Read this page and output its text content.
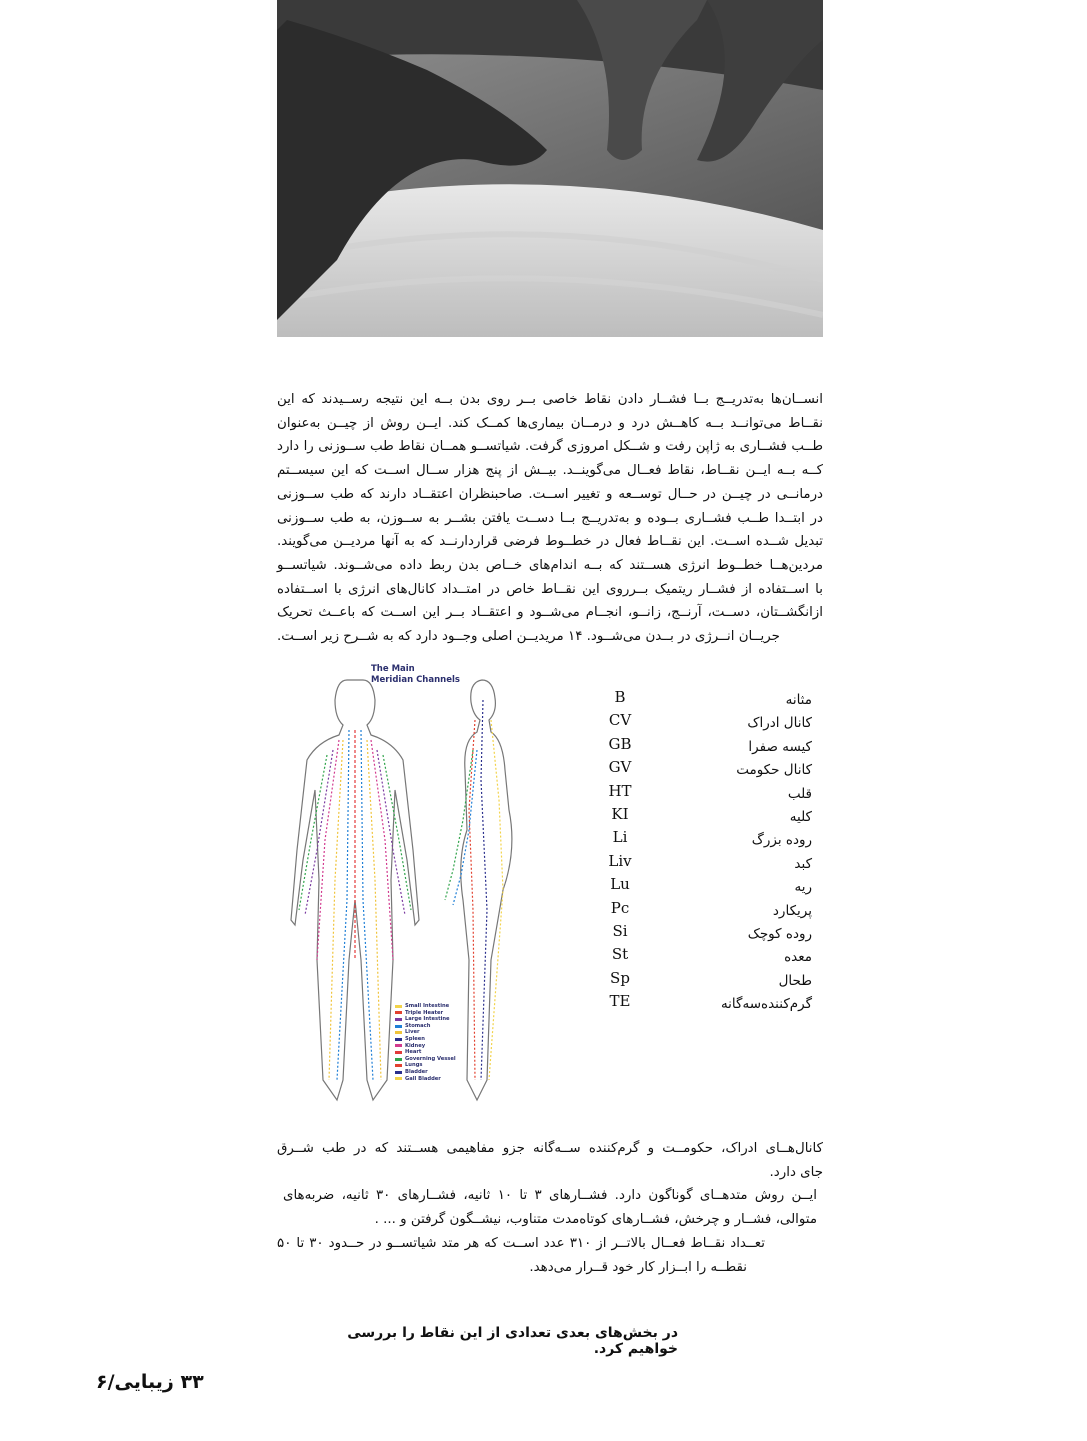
انســان‌ها به‌تدریــج بــا فشــار دادن نقاط خاصی بــر روی بدن بــه این نتیجه رســیدند که این
نقــاط می‌توانــد بــه کاهــش درد و درمــان بیماری‌ها کمــک کند. ایــن روش از چیــن به‌عنوان
طــب فشــاری به ژاپن رفت و شــکل امروزی گرفت. شیاتســو همــان نقاط طب ســوزنی را دارد
کــه بــه ایــن نقــاط، نقاط فعــال می‌گوینــد. بیــش از پنج هزار ســال اســت که این سیســتم
درمانــی در چیــن در حــال توســعه و تغییر اســت. صاحبنظران اعتقــاد دارند که طب ســوزنی
در ابتــدا طــب فشــاری بــوده و به‌تدریــج بــا دســت یافتن بشــر به ســوزن، به طب ســوزنی
تبدیل شــده اســت. این نقــاط فعال در خطــوط فرضی قراردارنــد که به آنها مردیــن می‌گویند.
مردین‌هــا خطــوط انرژی هســتند که بــه اندام‌های خــاص بدن ربط داده می‌شــوند. شیاتســو
با اســتفاده از فشــار ریتمیک بــرروی این نقــاط خاص در امتــداد کانال‌های انرژی با اســتفاده
ازانگشــتان، دســت، آرنــج، زانــو، انجــام می‌شــود و اعتقــاد بــر این اســت که باعــث تحریک
جریــان انــرژی در بــدن می‌شــود. ۱۴ مریدیــن اصلی وجــود دارد که به شــرح زیر اســت.
The Main
Meridian Channels
Small Intestine
Triple Heater
Large Intestine
Stomach
Liver
Spleen
Kidney
Heart
Governing Vessel
Lungs
Bladder
Gall Bladder
B	مثانه
CV	کانال ادراک
GB	کیسه صفرا
GV	کانال حکومت
HT	قلب
KI	کلیه
Li	روده بزرگ
Liv	کبد
Lu	ریه
Pc	پریکارد
Si	روده کوچک
St	معده
Sp	طحال
TE	گرم‌کننده‌سه‌گانه
کانال‌هــای ادراک، حکومــت و گرم‌کننده ســه‌گانه جزو مفاهیمی هســتند که در طب شــرق
جای دارد.
ایــن روش متدهــای گوناگون دارد. فشــارهای ۳ تا ۱۰ ثانیه، فشــارهای ۳۰ ثانیه، ضربه‌های
متوالی، فشــار و چرخش، فشــارهای کوتاه‌مدت متناوب، نیشــگون گرفتن و ... .
تعــداد نقــاط فعــال بالاتــر از ۳۱۰ عدد اســت که هر متد شیاتســو در حــدود ۳۰ تا ۵۰
نقطــه را ابــزار کار خود قــرار می‌دهد.
در بخش‌های بعدی تعدادی از این نقاط را بررسی خواهیم کرد.
۳۳ زیبایی/۶
